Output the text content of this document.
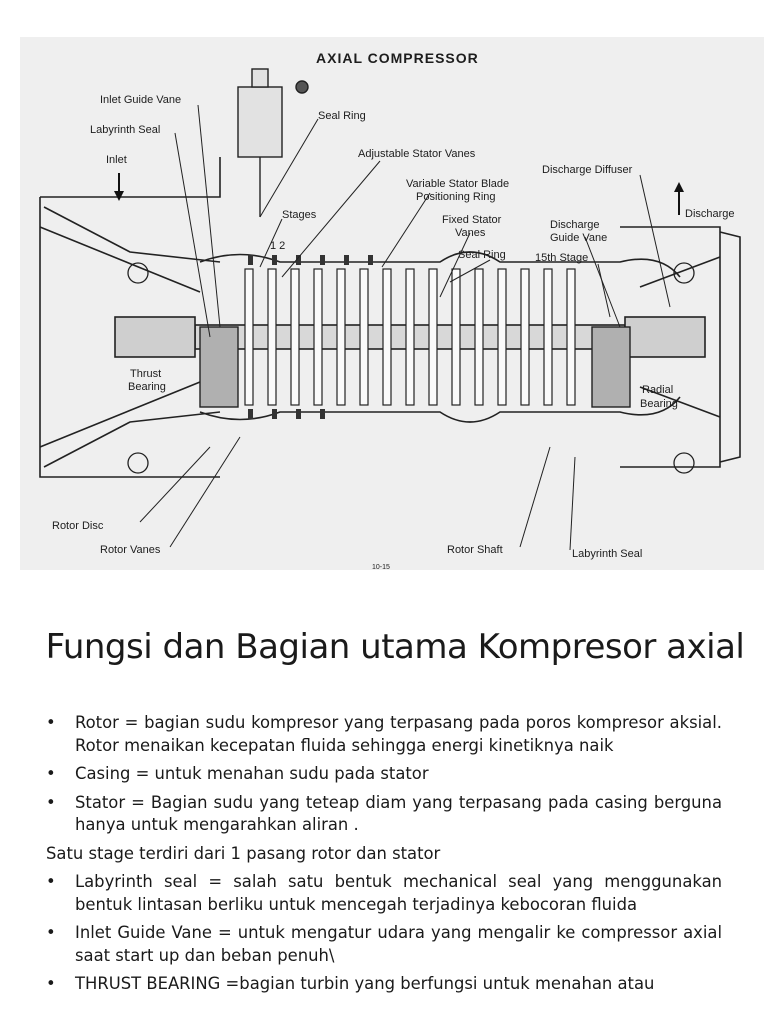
AXIAL COMPRESSOR
Inlet Guide Vane
Labyrinth Seal
Inlet
Seal Ring
Adjustable Stator Vanes
Variable Stator Blade
Positioning Ring
Discharge Diffuser
Discharge
Stages
1 2
Fixed Stator
Vanes
Discharge
Guide Vane
Seal Ring	15th Stage
Thrust
Bearing	Radial
Bearing
Rotor Disc
Rotor Vanes	Rotor Shaft	Labyrinth Seal
10-15
Fungsi dan Bagian utama Kompresor axial
• Rotor = bagian sudu kompresor yang terpasang pada poros kompresor aksial. Rotor menaikan kecepatan fluida sehingga energi kinetiknya naik
• Casing = untuk menahan sudu pada stator
• Stator = Bagian sudu yang teteap diam yang terpasang pada casing berguna hanya untuk mengarahkan aliran .
Satu stage terdiri dari 1 pasang rotor dan stator
• Labyrinth seal = salah satu bentuk mechanical seal yang menggunakan bentuk lintasan berliku untuk mencegah terjadinya kebocoran fluida
• Inlet Guide Vane = untuk mengatur udara yang mengalir ke compressor axial saat start up dan beban penuh\
• THRUST BEARING =bagian turbin yang berfungsi untuk menahan atau
